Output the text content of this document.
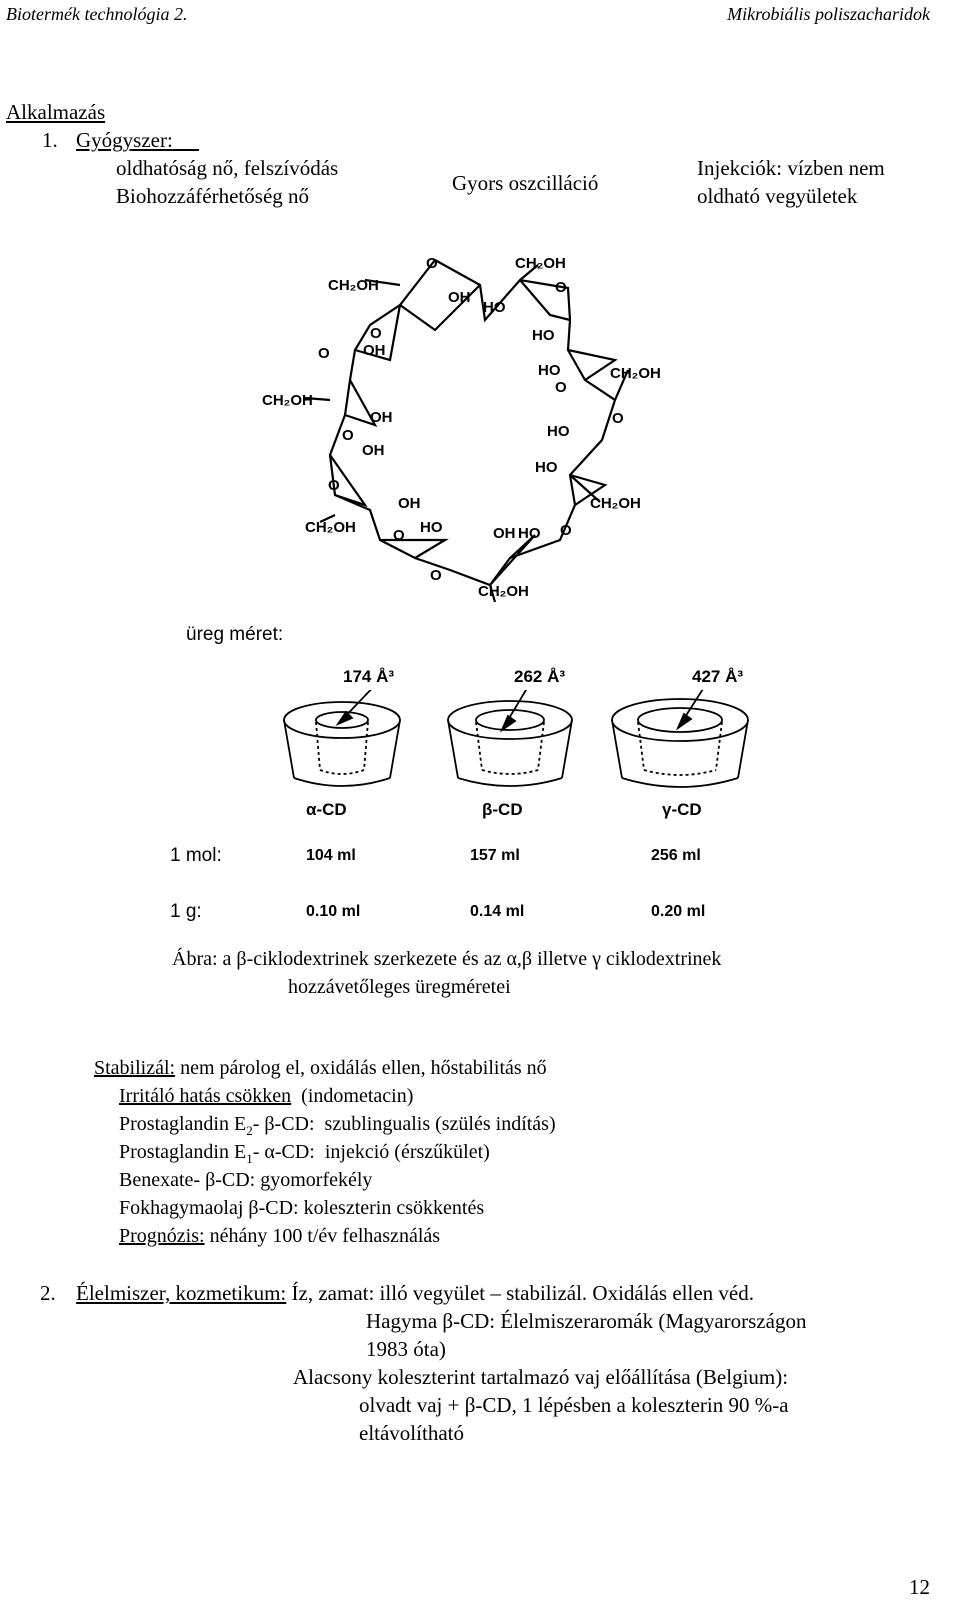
Biotermék technológia 2.	Mikrobiális poliszacharidok
Alkalmazás
1. Gyógyszer:
oldhatóság nő, felszívódás
Biohozzáférhetőség nő
Gyors oszcilláció
Injekciók: vízben nem
oldható vegyületek
CH₂OH
CH₂OH
CH₂OH
CH₂OH
CH₂OH
CH₂OH
CH₂OH
OH
OH
OH
OH
OH
OH
HO
HO
HO
HO
HO
HO	HO
O
O
O
O
O
O
O
O
O
O
O
üreg méret:
174 Å³	262 Å³	427 Å³
α-CD	β-CD	γ-CD
1 mol:	104 ml	157 ml	256 ml
1 g:	0.10 ml	0.14 ml	0.20 ml
Ábra: a β-ciklodextrinek szerkezete és az α,β illetve γ ciklodextrinek
hozzávetőleges üregméretei
Stabilizál: nem párolog el, oxidálás ellen, hőstabilitás nő
Irritáló hatás csökken  (indometacin)
Prostaglandin $E_2-$ β-CD:  szublingualis (szülés indítás)
Prostaglandin $E_1-$ α-CD:  injekció (érszűkület)
Benexate- β-CD: gyomorfekély
Fokhagymaolaj β-CD: koleszterin csökkentés
Prognózis: néhány 100 t/év felhasználás
2. Élelmiszer, kozmetikum: Íz, zamat: illó vegyület – stabilizál. Oxidálás ellen véd.
Hagyma β-CD: Élelmiszeraromák (Magyarországon
1983 óta)
Alacsony koleszterint tartalmazó vaj előállítása (Belgium):
olvadt vaj + β-CD, 1 lépésben a koleszterin 90 %-a
eltávolítható
12
